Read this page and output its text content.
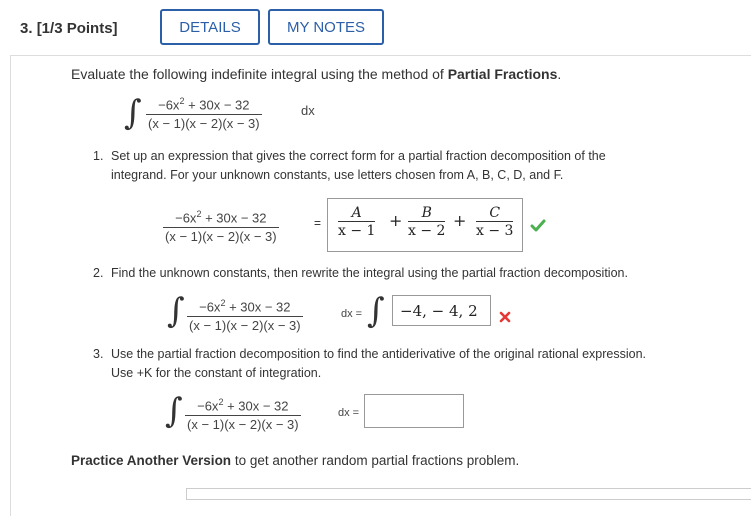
3. [1/3 Points]	DETAILS	MY NOTES
Evaluate the following indefinite integral using the method of Partial Fractions.
∫ $\frac{-6x^2 + 30x - 32}{(x - 1)(x - 2)(x - 3)}$	dx
1. Set up an expression that gives the correct form for a partial fraction decomposition of the
integrand. For your unknown constants, use letters chosen from A, B, C, D, and F.
$\frac{-6x^2 + 30x - 32}{(x - 1)(x - 2)(x - 3)}$	=
A
x − 1
+ B
x − 2
+ C
x − 3
2. Find the unknown constants, then rewrite the integral using the partial fraction decomposition.
∫ $\frac{-6x^2 + 30x - 32}{(x - 1)(x - 2)(x - 3)}$	dx = ∫	−4, − 4, 2
3. Use the partial fraction decomposition to find the antiderivative of the original rational expression.
Use +K for the constant of integration.
∫ $\frac{-6x^2 + 30x - 32}{(x - 1)(x - 2)(x - 3)}$	dx =
Practice Another Version to get another random partial fractions problem.
